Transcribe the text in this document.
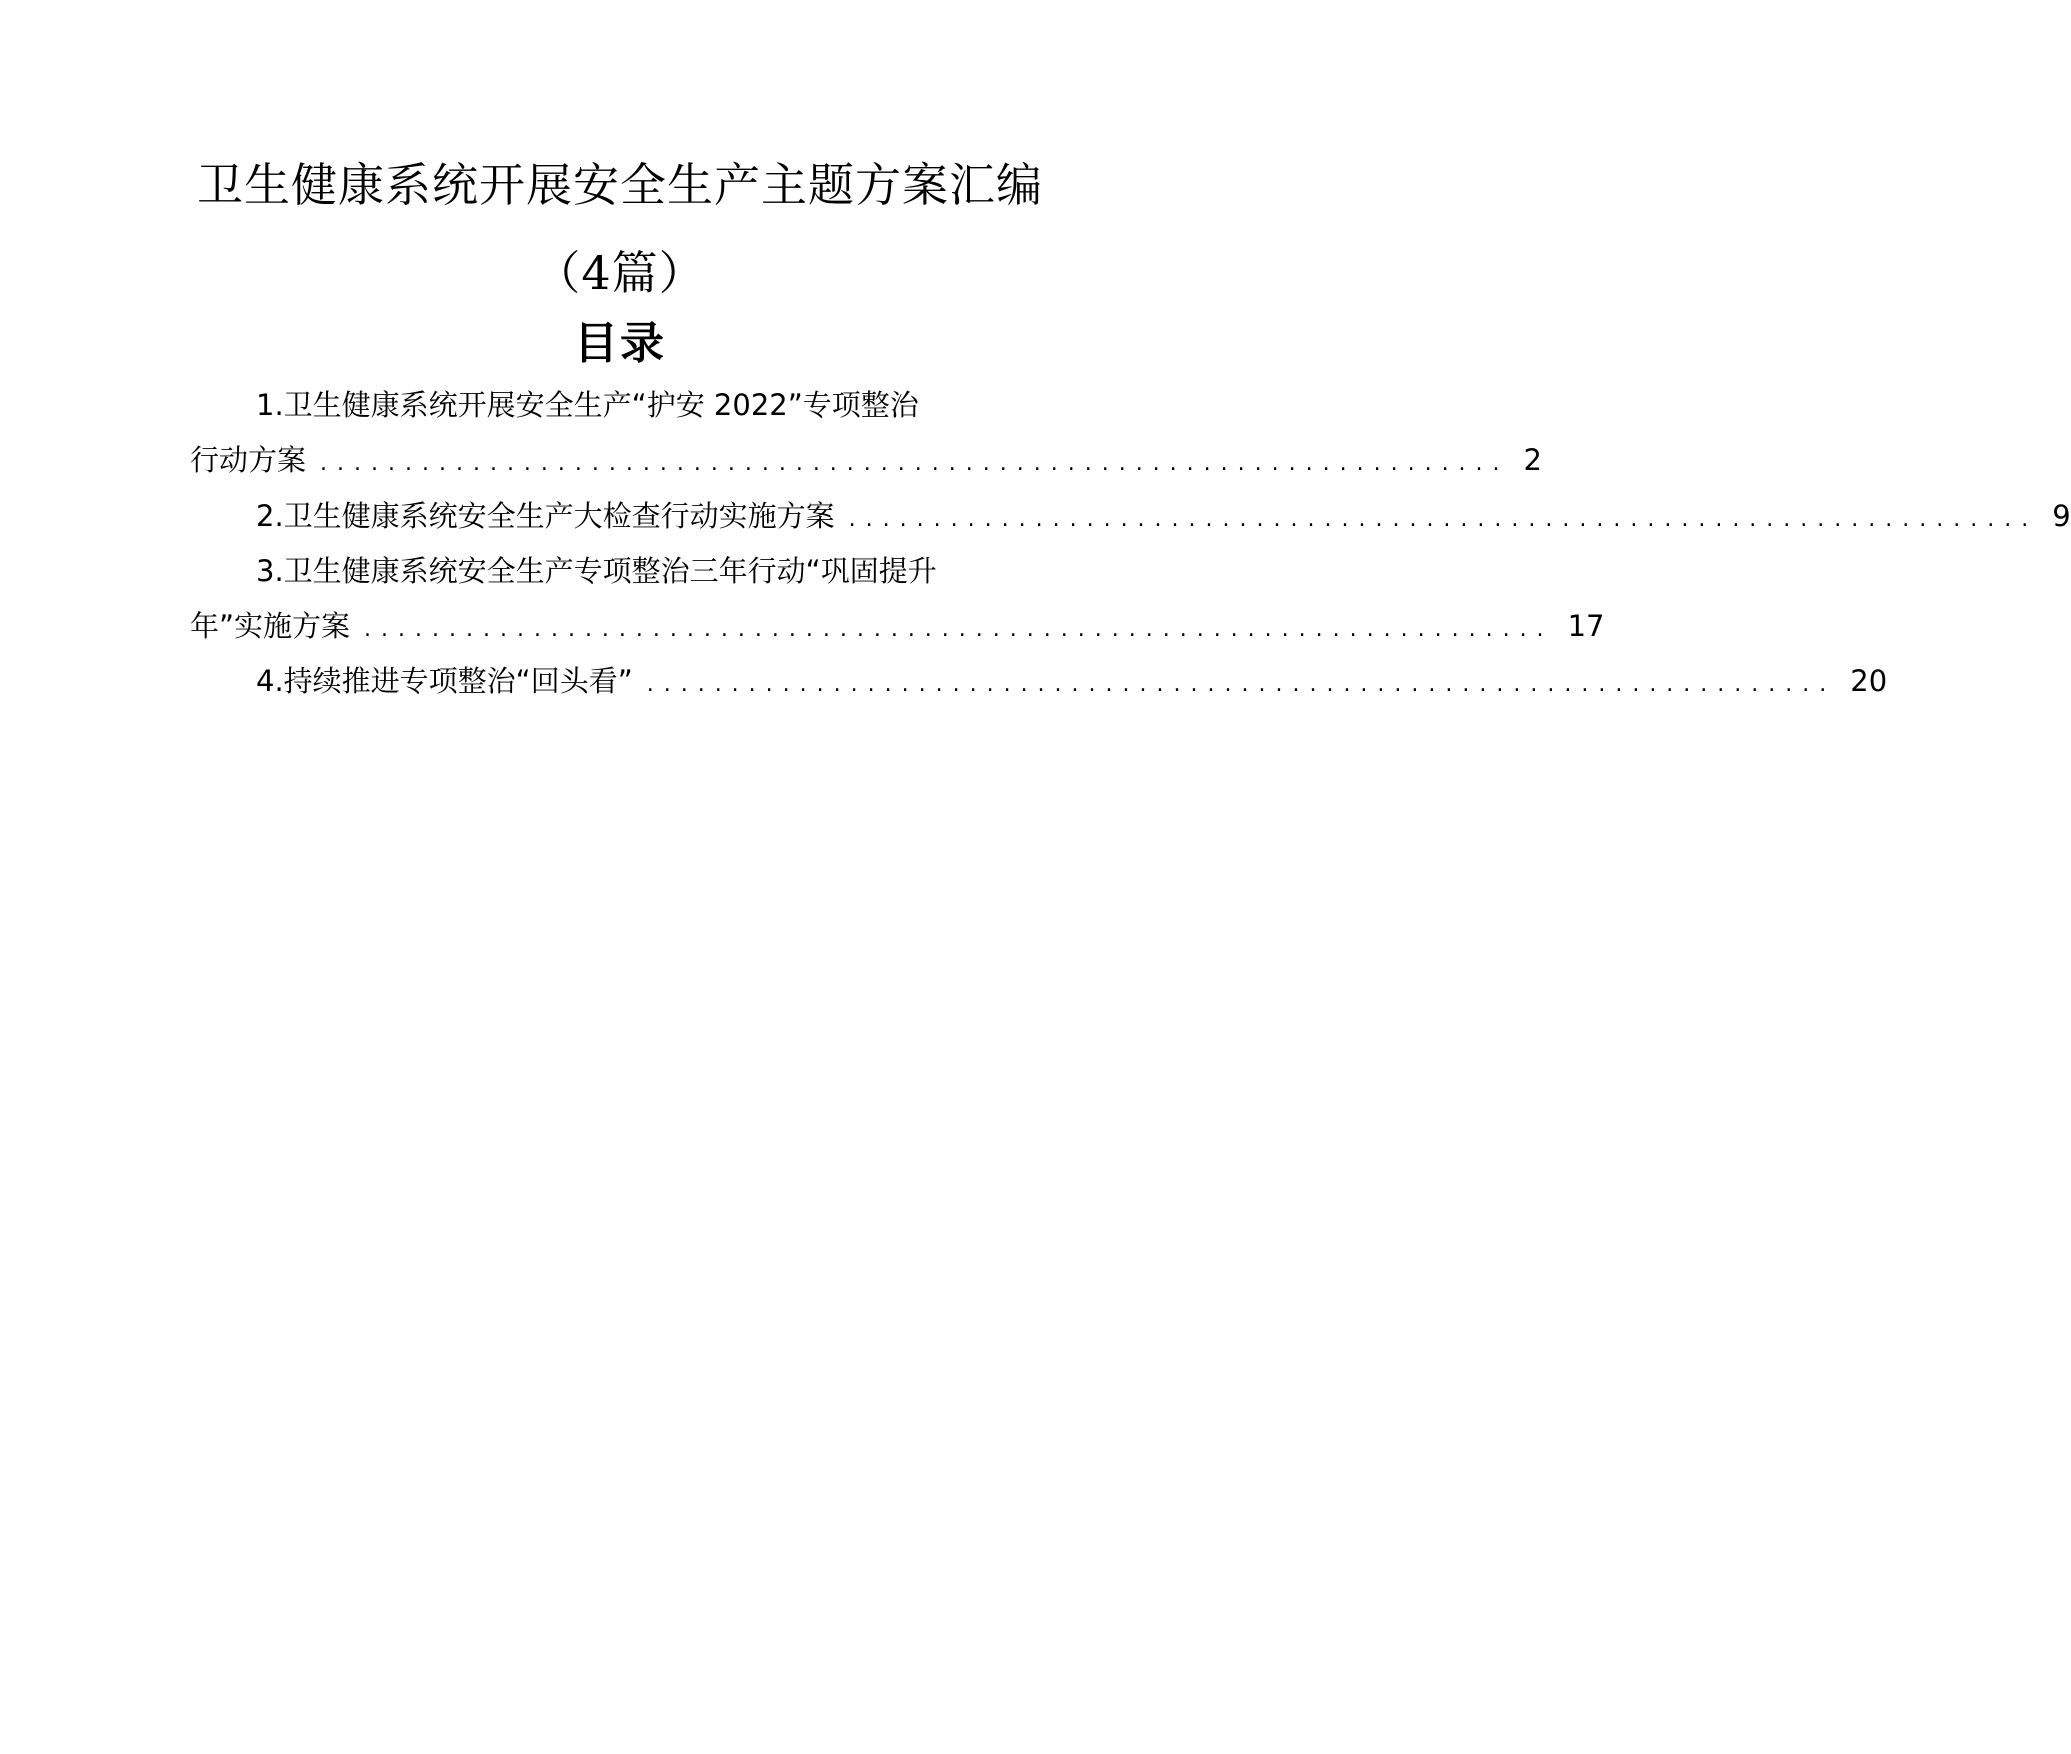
卫生健康系统开展安全生产主题方案汇编
（4篇）
目录
1.卫生健康系统开展安全生产“护安 2022”专项整治
行动方案 ...................................................................... 2
2.卫生健康系统安全生产大检查行动实施方案 ...................................................................... 9
3.卫生健康系统安全生产专项整治三年行动“巩固提升
年”实施方案 ...................................................................... 17
4.持续推进专项整治“回头看” ...................................................................... 20
